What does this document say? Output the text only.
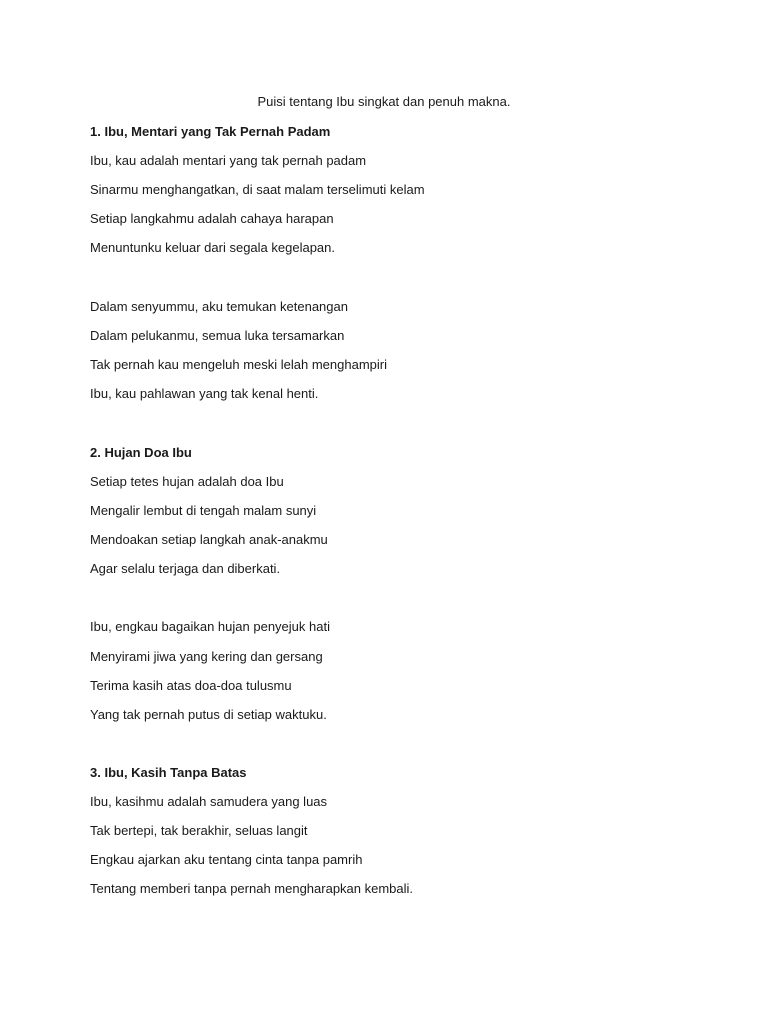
Puisi tentang Ibu singkat dan penuh makna.
1. Ibu, Mentari yang Tak Pernah Padam
Ibu, kau adalah mentari yang tak pernah padam
Sinarmu menghangatkan, di saat malam terselimuti kelam
Setiap langkahmu adalah cahaya harapan
Menuntunku keluar dari segala kegelapan.
Dalam senyummu, aku temukan ketenangan
Dalam pelukanmu, semua luka tersamarkan
Tak pernah kau mengeluh meski lelah menghampiri
Ibu, kau pahlawan yang tak kenal henti.
2. Hujan Doa Ibu
Setiap tetes hujan adalah doa Ibu
Mengalir lembut di tengah malam sunyi
Mendoakan setiap langkah anak-anakmu
Agar selalu terjaga dan diberkati.
Ibu, engkau bagaikan hujan penyejuk hati
Menyirami jiwa yang kering dan gersang
Terima kasih atas doa-doa tulusmu
Yang tak pernah putus di setiap waktuku.
3. Ibu, Kasih Tanpa Batas
Ibu, kasihmu adalah samudera yang luas
Tak bertepi, tak berakhir, seluas langit
Engkau ajarkan aku tentang cinta tanpa pamrih
Tentang memberi tanpa pernah mengharapkan kembali.
